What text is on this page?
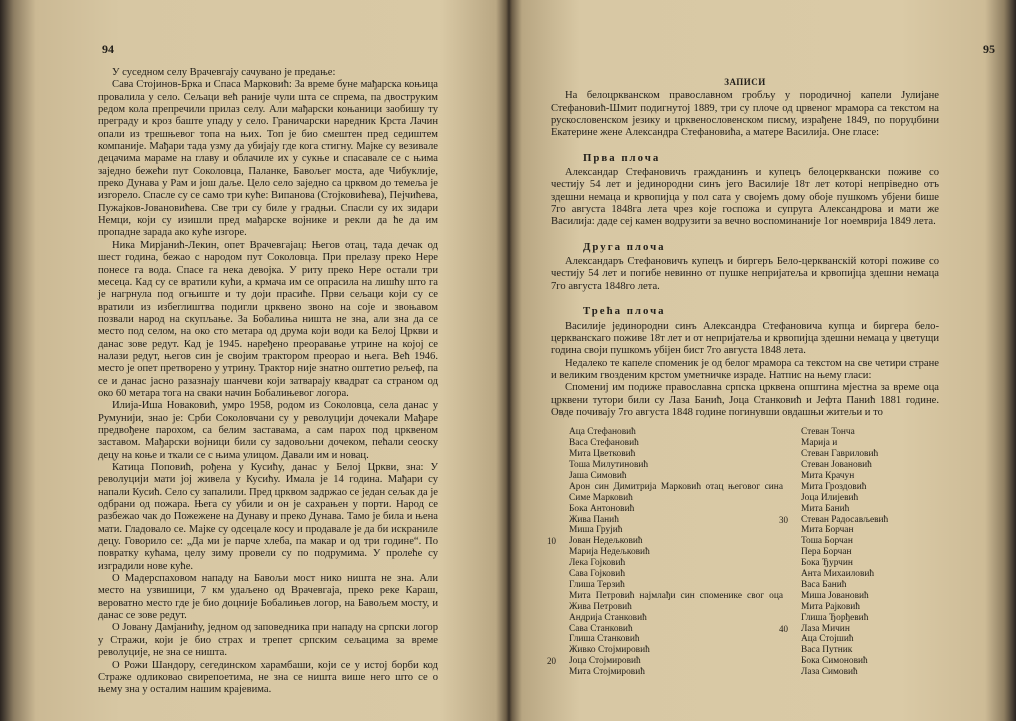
94

У суседном селу Врачевгају сачувано је предање:

Сава Стојинов-Брка и Спаса Марковић: За време буне мађарска коњица провалила у село. Сељаци већ раније чули шта се спрема, па двоструким редом кола препречили прилаз селу. Али мађарски коњаници заобишу ту преграду и кроз баште упаду у село. Граничарски наредник Крста Лачин опали из трешњевог топа на њих. Топ је био смештен пред седиштем компаније. Мађари тада узму да убијају где кога стигну. Мајке су везивале децачима мараме на главу и облачиле их у сукње и спасавале се с њима заједно бежећи пут Соколовца, Паланке, Бавољег моста, аде Чибуклије, преко Дунава у Рам и још даље. Цело село заједно са црквом до темеља је изгорело. Спасле су се само три куће: Випанова (Стојковићева), Пејчићева, Пужајков-Јовановићева. Све три су биле у градњи. Спасли су их зидари Немци, који су изишли пред мађарске војнике и рекли да ће да им пропадне зарада ако куће изгоре.

Ника Мирјанић-Лекин, опет Врачевгајац: Његов отац, тада дечак од шест година, бежао с народом пут Соколовца. При прелазу преко Нере понесе га вода. Спасе га нека девојка. У риту преко Нере остали три месеца. Кад су се вратили кући, а крмача им се опрасила на лишћу што га је нагрнула под огњиште и ту доји прасиће. Први сељаци који су се вратили из избеглиштва подигли црквено звоно на соје и звоњавом позвали народ на скупљање. За Бобалиња ништа не зна, али зна да се место под селом, на око сто метара од друма који води ка Белој Цркви и данас зове редут. Кад је 1945. наређено преоравање утрине на којој се налази редут, његов син је својим трактором преорао и њега. Већ 1946. место је опет претворено у утрину. Трактор није знатно оштетио рељеф, па се и данас јасно разазнају шанчеви који затварају квадрат са страном од око 60 метара тога на сваки начин Бобалињевог логора.

Илија-Иша Новаковић, умро 1958, родом из Соколовца, села данас у Румунији, знао је: Срби Соколовчани су у револуцији дочекали Мађаре предвођене парохом, са белим заставама, а сам парох под црквеном заставом. Мађарски војници били су задовољни дочеком, пећали сеоску децу на коње и ткали се с њима улицом. Давали им и новац.

Катица Поповић, рођена у Кусићу, данас у Белој Цркви, зна: У револуцији мати јој живела у Кусићу. Имала је 14 година. Мађари су напали Кусић. Село су запалили. Пред црквом задржао се један сељак да је одбрани од пожара. Њега су убили и он је сахрањен у порти. Народ се разбежао чак до Пожежене на Дунаву и преко Дунава. Тамо је била и њена мати. Гладовало се. Мајке су одсецале косу и продавале је да би искраниле децу. Говорило се: „Да ми је парче хлеба, па макар и од три године“. По повратку кућама, целу зиму провели су по подрумима. У пролеће су изградили нове куће.

О Мадерспаховом нападу на Бавољи мост нико ништа не зна. Али место на узвишици, 7 км удаљено од Врачевгаја, преко реке Караш, вероватно место где је био доцније Бобалињев логор, на Бавољем мосту, и данас се зове редут.

О Јовану Дамјанићу, једном од заповедника при нападу на српски логор у Стражи, који је био страх и трепет српским сељацима за време револуције, не зна се ништа.

О Рожи Шандору, сегединском харамбаши, који се у истој борби код Страже одликовао свирепоетима, не зна се ништа више него што се о њему зна у осталим нашим крајевима.

95
ЗАПИСИ

На белоцркванском православном гробљу у породичној капели Јулијане Стефановић-Шмит подигнутој 1889, три су плоче од црвеног мрамора са текстом на рускословенском језику и црквенословенском писму, израђене 1849, по поруџбини Екатерине жене Александра Стефановића, а матере Василија. Оне гласе:

Прва плоча

Александар Стефановичъ гражданинъ и купецъ белоцерквански поживе со честију 54 лет и јединородни синъ јего Василије 18т лет которi непрiведно отъ здешни немаца и крвопиjца у пол сата у своjемъ дому обоје пушкомъ убjени бише 7го августа 1848га лета чрез које госпожа и супруга Александрова и мати же Василија: даде сеj камен водрузити за вечно воспоминаније 1ог ноемврија 1849 лета.

Друга плоча

Александаръ Стефановичъ купецъ и биргеръ Бело-церкванскiй которi поживе со честију 54 лет и погибе невинно от пушке непријатеља и крвопиjца здешни немаца 7го августа 1848го лета.

Трећа плоча

Василије јединородни синъ Александра Стефановича купца и биргера бело-церкванскаго поживе 18т лет и от непријатеља и крвопиjца здешни немаца у цветущи година своји пушкомъ убiјен бист 7го августа 1848 лета.

Недалеко те капеле споменик је од белог мрамора са текстом на све четири стране и великим гвозденим крстом уметничке израде. Натпис на њему гласи:

Спомениј им подиже православна српска црквена општина мјестна за време оца црквени тутори били су Лаза Банић, Јоца Станковић и Јефта Панић 1881 године. Овде почивају 7го августа 1848 године погинувши овдашњи житељи и то

Аца Стефановић
Васа Стефановић
Мита Цветковић
Тоша Милутиновић
Јаша Симовић
Арон син Димитрија Марковић отац његовог сина Симе Марковић
Бока Антоновић
Жива Панић
Миша Грујић
10 Јован Недељковић
Марија Недељковић
Лека Гојковић
Сава Гојковић
Глиша Терзић
Мита Петровић најмлађи син споменике свог оца Жива Петровић
Андрија Станковић
Сава Станковић
Глиша Станковић
Живко Стојмировић
20 Јоца Стојмировић
Мита Стојмировић
Стеван Тонча
Марија и
Стеван Гавриловић
Стеван Јовановић
Мита Крачун
Мита Гроздовић
Јоца Илијевић
Мита Банић
30 Стеван Радосављевић
Мита Борчан
Тоша Борчан
Пера Борчан
Бока Ђурчин
Анта Михаиловић
Васа Банић
Миша Јовановић
Мита Рајковић
Глиша Ђорђевић
40 Лаза Мичин
Аца Стојшић
Васа Путник
Бока Симоновић
Лаза Симовић
